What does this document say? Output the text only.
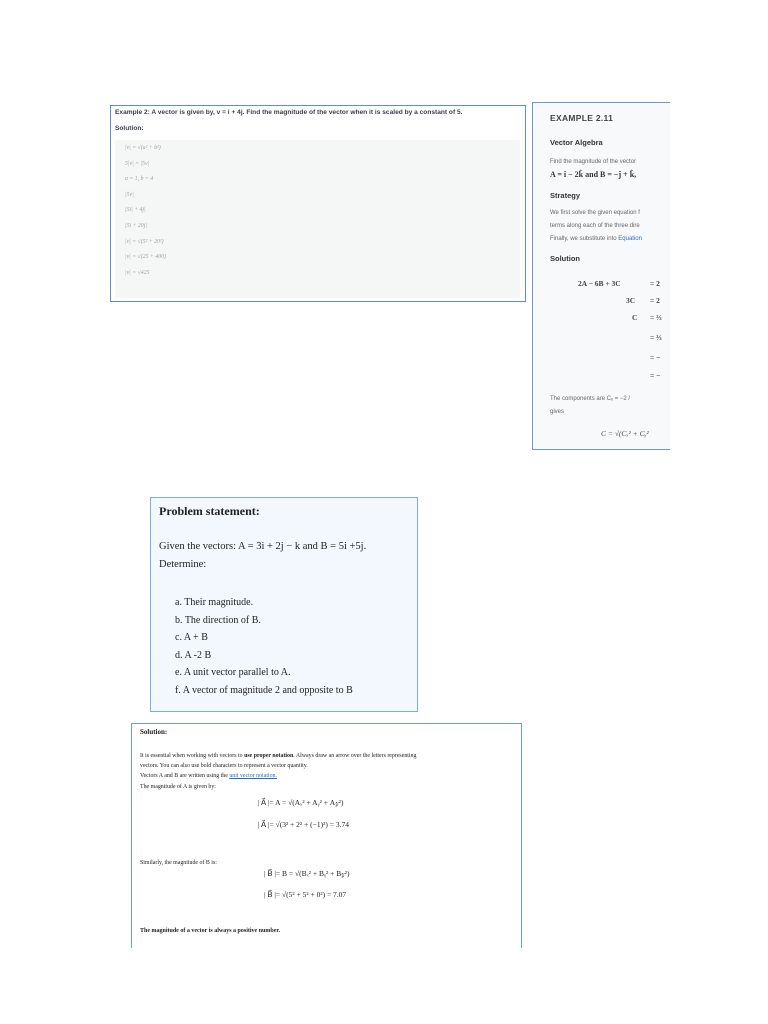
Example 2: A vector is given by, v = i + 4j. Find the magnitude of the vector when it is scaled by a constant of 5.
Solution:
|v| = √(a² + b²)
5|v| = |5v|
a = 1, b = 4
|5v|
|5i| + 4j|
|5i + 20j|
|v| = √(5² + 20²)
|v| = √(25 + 400)
|v| = √425
EXAMPLE 2.11
Vector Algebra
Find the magnitude of the vector
A = î − 2k̂ and B = −ĵ + k̂,
Strategy
We first solve the given equation f
terms along each of the three dire
Finally, we substitute into Equation
Solution
2A − 6B + 3C	= 2
3C = 2
C = ⅔
= ⅔
= −
= −
The components are Cₓ = −2 /
gives
C = √(Cₓ² + Cᵧ²
Problem statement:
Given the vectors: A = 3i + 2j − k and B = 5i +5j.
Determine:
a. Their magnitude.
b. The direction of B.
c. A + B
d. A -2 B
e. A unit vector parallel to A.
f. A vector of magnitude 2 and opposite to B
Solution:
It is essential when working with vectors to use proper notation. Always draw an arrow over the letters representing
vectors. You can also use bold characters to represent a vector quantity.
Vectors A and B are written using the unit vector notation.
The magnitude of A is given by:
| A⃗ |= A = √(Aₓ² + Aᵧ² + A𝓏²)
| A⃗ |= √(3² + 2² + (−1)²) = 3.74
Similarly, the magnitude of B is:
| B⃗ |= B = √(Bₓ² + Bᵧ² + B𝓏²)
| B⃗ |= √(5² + 5² + 0²) = 7.07
The magnitude of a vector is always a positive number.
